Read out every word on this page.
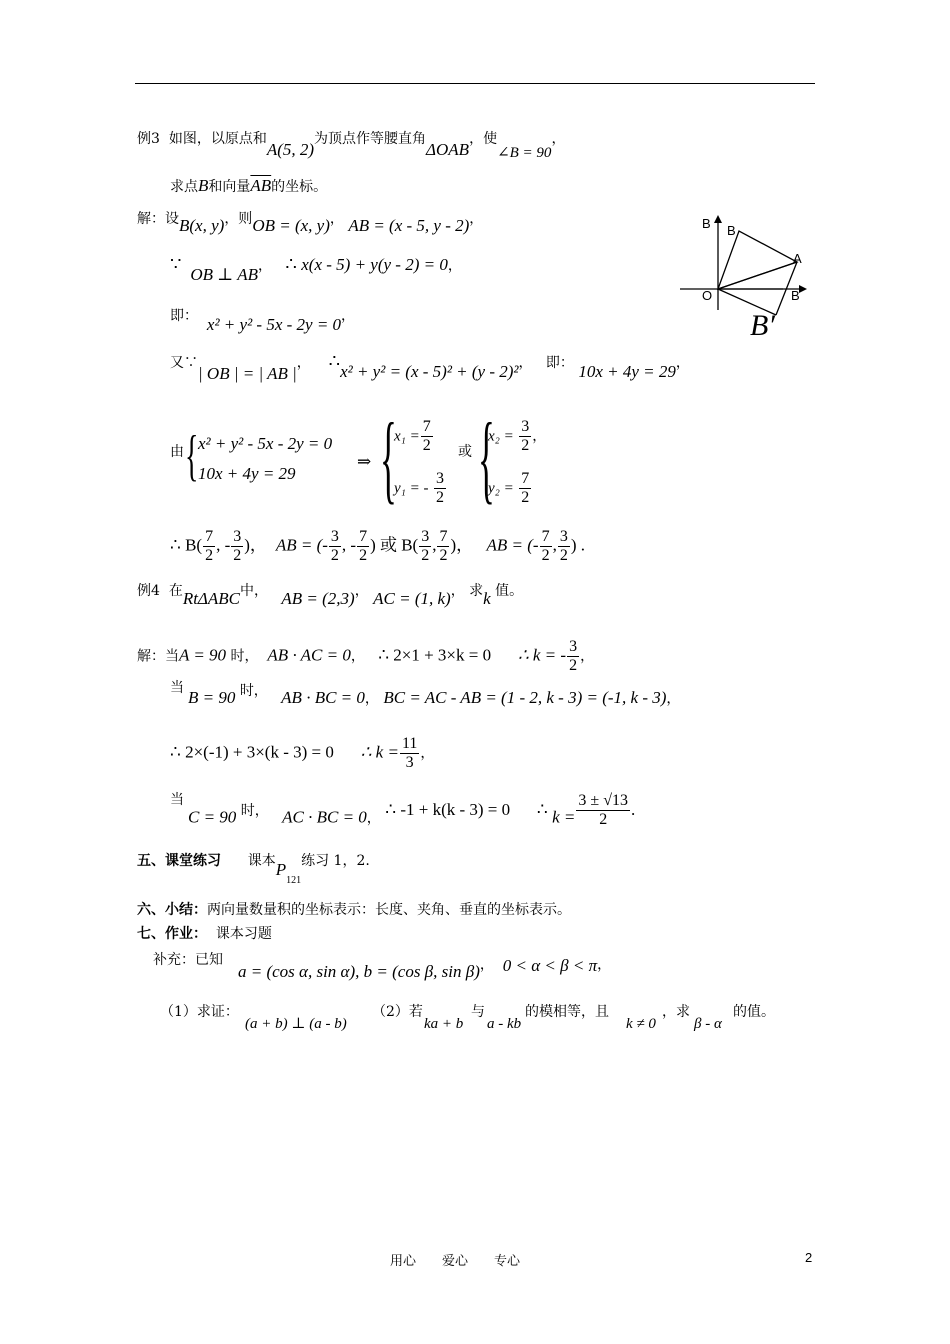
例3 如图，以原点和A(5, 2)为顶点作等腰直角ΔOAB，使∠B = 90，
求点B和向量$\overline{AB}$的坐标。
解：设B(x, y)，则OB = (x, y)， AB = (x - 5, y - 2)，
∵ OB ⊥ AB， ∴ x(x - 5) + y(y - 2) = 0，
即： x² + y² - 5x - 2y = 0，
又∵| OB | = | AB |， ∴x² + y² = (x - 5)² + (y - 2)²， 即： 10x + 4y = 29，
由 { x² + y² - 5x - 2y = 0
10x + 4y = 29
⇒ {
$x_1 = \frac{7}{2}$
y₁ = - $\frac{3}{2}$
或 {
$x_2 = \frac{3}{2}$ ，
$y_2 = \frac{7}{2}$
∴ $B( \frac{7}{2}$ , - $\frac{3}{2}$ )， AB = (- $\frac{3}{2}$ , - $\frac{7}{2}$ ) 或 $B( \frac{3}{2}$ , $\frac{7}{2}$ )， AB = (- $\frac{7}{2}$ , $\frac{3}{2}$ ) .
例4 在RtΔABC中， AB = (2,3)， AC = (1, k)， 求k 值。
解：当A = 90 时， AB · AC = 0， ∴ 2×1 + 3×k = 0 ∴ k = - $\frac{3}{2}$ ，
当 B = 90 时， AB · BC = 0， BC = AC - AB = (1 - 2, k - 3) = (-1, k - 3)，
∴ 2×(-1) + 3×(k - 3) = 0 ∴ $k = \frac{11}{3}$ ，
当
C = 90 时， AC · BC = 0， ∴ -1 + k(k - 3) = 0 ∴ $k = \frac{3 \pm √13}{2}$ .
五、课堂练习 课本$P_{121}$练习 1，2.
六、小结：两向量数量积的坐标表示：长度、夹角、垂直的坐标表示。
七、作业： 课本习题
补充：已知
a = (cos α, sin α), b = (cos β, sin β)， 0 < α < β < π，
（1）求证：
(a + b) ⊥ (a - b)
（2）若
ka + b
与
a - kb
的模相等，且
k ≠ 0
，求
β - α
的值。
B B
A
O	B
B′
用心　　爱心　　专心	2
